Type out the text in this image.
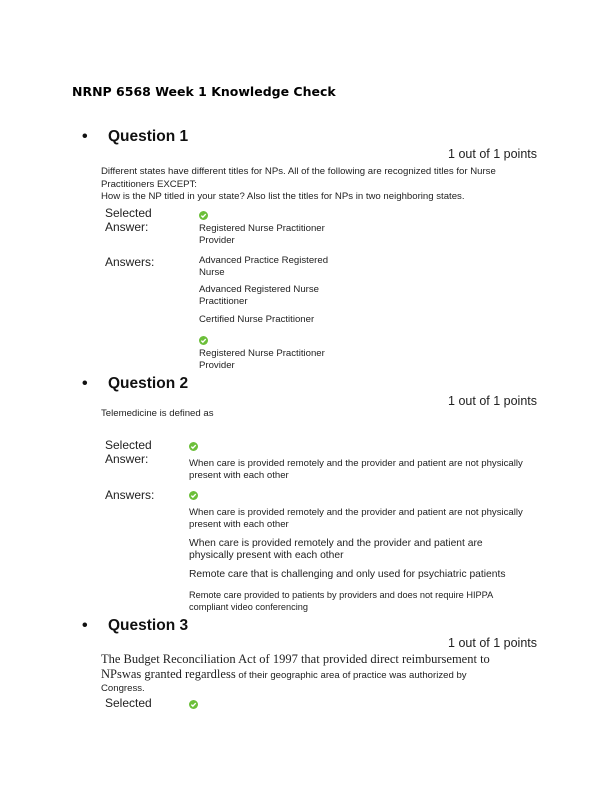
NRNP 6568 Week 1 Knowledge Check
• Question 1
1 out of 1 points
Different states have different titles for NPs. All of the following are recognized titles for Nurse
Practitioners EXCEPT:
How is the NP titled in your state? Also list the titles for NPs in two neighboring states.
Selected
Answer:	Registered Nurse Practitioner
Provider
Answers:	Advanced Practice Registered
Nurse
Advanced Registered Nurse
Practitioner
Certified Nurse Practitioner
Registered Nurse Practitioner
Provider
• Question 2
1 out of 1 points
Telemedicine is defined as
Selected
Answer:	When care is provided remotely and the provider and patient are not physically
present with each other
Answers:
When care is provided remotely and the provider and patient are not physically
present with each other
When care is provided remotely and the provider and patient are
physically present with each other
Remote care that is challenging and only used for psychiatric patients
Remote care provided to patients by providers and does not require HIPPA
compliant video conferencing
• Question 3
1 out of 1 points
The Budget Reconciliation Act of 1997 that provided direct reimbursement to
NPswas granted regardless of their geographic area of practice was authorized by
Congress.
Selected
